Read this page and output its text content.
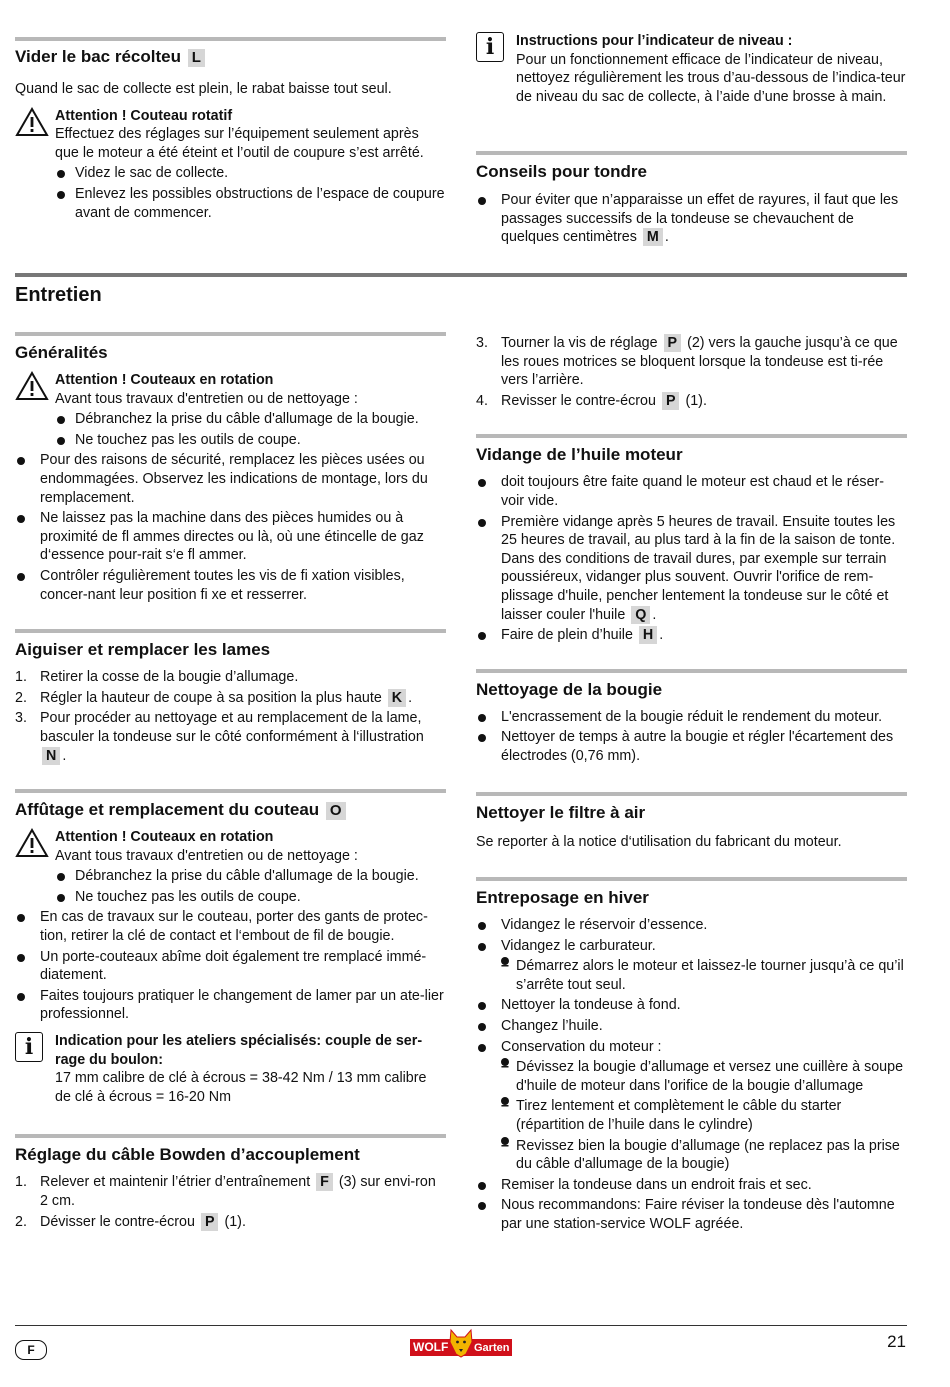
Vider le bac récolteu L

Quand le sac de collecte est plein, le rabat baisse tout seul.

Attention ! Couteau rotatif

Effectuez des réglages sur l’équipement seulement après que le moteur a été éteint et l’outil de coupure s’est arrêté.

Videz le sac de collecte.
Enlevez les possibles obstructions de l’espace de coupure avant de commencer.
i	Instructions pour l’indicateur de niveau :

Pour un fonctionnement efficace de l’indicateur de niveau, nettoyez régulièrement les trous d’au-dessous de l’indica-teur de niveau du sac de collecte, à l’aide d’une brosse à main.

Conseils pour tondre
Pour éviter que n’apparaisse un effet de rayures, il faut que les passages successifs de la tondeuse se chevauchent de quelques centimètres M .
Entretien
Généralités

Attention ! Couteaux en rotation

Avant tous travaux d'entretien ou de nettoyage :

Débranchez la prise du câble d'allumage de la bougie.
Ne touchez pas les outils de coupe.
Pour des raisons de sécurité, remplacez les pièces usées ou endommagées. Observez les indications de montage, lors du remplacement.
Ne laissez pas la machine dans des pièces humides ou à proximité de fl ammes directes ou là, où une étincelle de gaz d‘essence pour-rait s‘e fl ammer.
Contrôler régulièrement toutes les vis de fi xation visibles, concer-nant leur position fi xe et resserrer.
Aiguiser et remplacer les lames
1. Retirer la cosse de la bougie d’allumage.
2. Régler la hauteur de coupe à sa position la plus haute K .
3. Pour procéder au nettoyage et au remplacement de la lame, basculer la tondeuse sur le côté conformément à l‘illustration N .
Affûtage et remplacement du couteau O

Attention ! Couteaux en rotation

Avant tous travaux d'entretien ou de nettoyage :

Débranchez la prise du câble d'allumage de la bougie.
Ne touchez pas les outils de coupe.
En cas de travaux sur le couteau, porter des gants de protec-tion, retirer la clé de contact et l‘embout de fil de bougie.
Un porte-couteaux abîme doit également tre remplacé immé-diatement.
Faites toujours pratiquer le changement de lamer par un ate-lier professionnel.
i	Indication pour les ateliers spécialisés: couple de ser-rage du boulon:

17 mm calibre de clé à écrous = 38-42 Nm / 13 mm calibre de clé à écrous = 16-20 Nm

Réglage du câble Bowden d’accouplement
1. Relever et maintenir l’étrier d’entraînement F (3) sur envi-ron 2 cm.
2. Dévisser le contre-écrou P (1).
3. Tourner la vis de réglage P (2) vers la gauche jusqu’à ce que les roues motrices se bloquent lorsque la tondeuse est ti-rée vers l’arrière.
4. Revisser le contre-écrou P (1).
Vidange de l’huile moteur
doit toujours être faite quand le moteur est chaud et le réser-voir vide.
Première vidange après 5 heures de travail. Ensuite toutes les 25 heures de travail, au plus tard à la fin de la saison de tonte. Dans des conditions de travail dures, par exemple sur terrain poussiéreux, vidanger plus souvent. Ouvrir l'orifice de rem-plissage d'huile, pencher lentement la tondeuse sur le côté et laisser couler l'huile Q .
Faire de plein d’huile H .
Nettoyage de la bougie
L'encrassement de la bougie réduit le rendement du moteur.
Nettoyer de temps à autre la bougie et régler l'écartement des électrodes (0,76 mm).
Nettoyer le filtre à air

Se reporter à la notice d‘utilisation du fabricant du moteur.

Entreposage en hiver
Vidangez le réservoir d’essence.
Vidangez le carburateur.
– Démarrez alors le moteur et laissez-le tourner jusqu’à ce qu’il s’arrête tout seul.
Nettoyer la tondeuse à fond.
Changez l’huile.
Conservation du moteur :
– Dévissez la bougie d’allumage et versez une cuillère à soupe d'huile de moteur dans l'orifice de la bougie d’allumage
– Tirez lentement et complètement le câble du starter (répartition de l’huile dans le cylindre)
– Revissez bien la bougie d’allumage (ne replacez pas la prise du câble d'allumage de la bougie)
Remiser la tondeuse dans un endroit frais et sec.
Nous recommandons: Faire réviser la tondeuse dès l'automne par une station-service WOLF agréée.
F	WOLF Garten	21
